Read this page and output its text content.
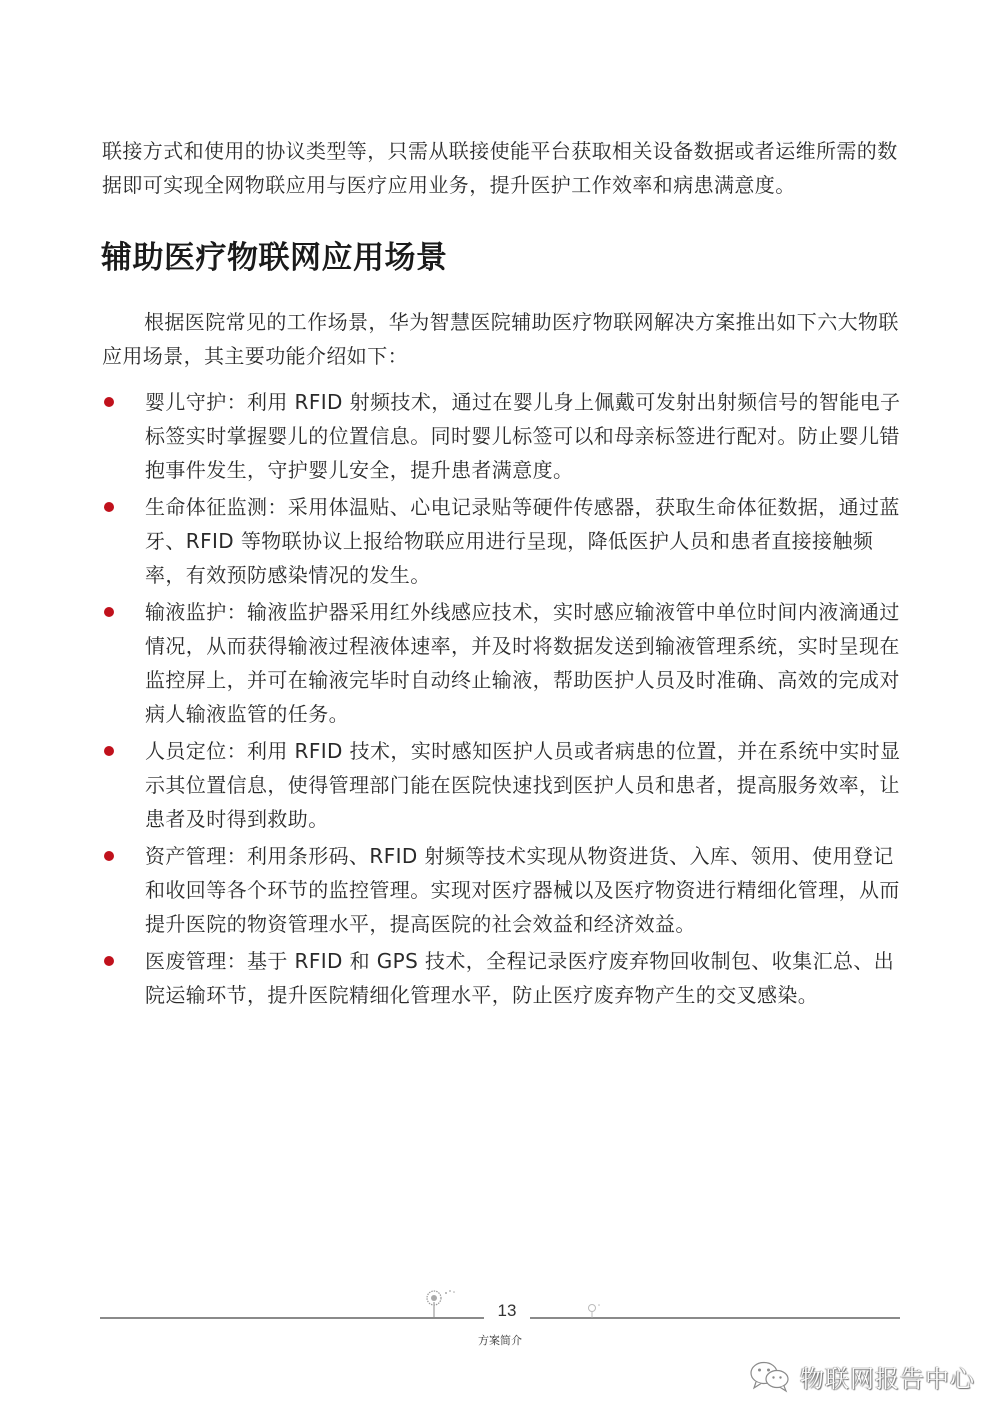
联接方式和使用的协议类型等，只需从联接使能平台获取相关设备数据或者运维所需的数据即可实现全网物联应用与医疗应用业务，提升医护工作效率和病患满意度。

辅助医疗物联网应用场景

根据医院常见的工作场景，华为智慧医院辅助医疗物联网解决方案推出如下六大物联应用场景，其主要功能介绍如下：

婴儿守护：利用 RFID 射频技术，通过在婴儿身上佩戴可发射出射频信号的智能电子标签实时掌握婴儿的位置信息。同时婴儿标签可以和母亲标签进行配对。防止婴儿错抱事件发生，守护婴儿安全，提升患者满意度。
生命体征监测：采用体温贴、心电记录贴等硬件传感器，获取生命体征数据，通过蓝牙、RFID 等物联协议上报给物联应用进行呈现，降低医护人员和患者直接接触频率，有效预防感染情况的发生。
输液监护：输液监护器采用红外线感应技术，实时感应输液管中单位时间内液滴通过情况，从而获得输液过程液体速率，并及时将数据发送到输液管理系统，实时呈现在监控屏上，并可在输液完毕时自动终止输液，帮助医护人员及时准确、高效的完成对病人输液监管的任务。
人员定位：利用 RFID 技术，实时感知医护人员或者病患的位置，并在系统中实时显示其位置信息，使得管理部门能在医院快速找到医护人员和患者，提高服务效率，让患者及时得到救助。
资产管理：利用条形码、RFID 射频等技术实现从物资进货、入库、领用、使用登记和收回等各个环节的监控管理。实现对医疗器械以及医疗物资进行精细化管理，从而提升医院的物资管理水平，提高医院的社会效益和经济效益。
医废管理：基于 RFID 和 GPS 技术，全程记录医疗废弃物回收制包、收集汇总、出院运输环节，提升医院精细化管理水平，防止医疗废弃物产生的交叉感染。
13
方案简介
物联网报告中心
